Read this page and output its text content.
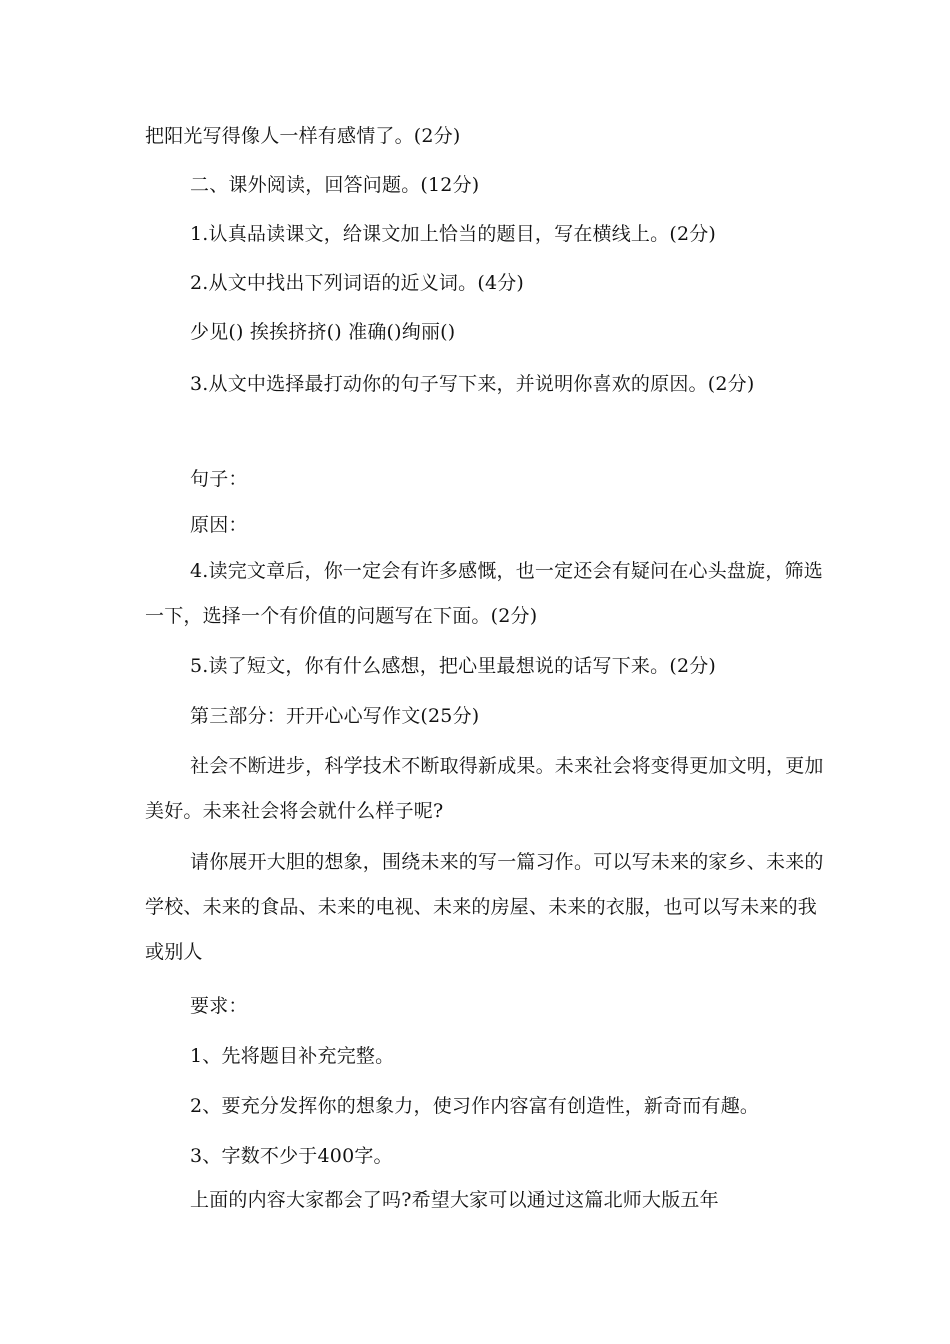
把阳光写得像人一样有感情了。(2分)
二、课外阅读，回答问题。(12分)
1.认真品读课文，给课文加上恰当的题目，写在横线上。(2分)
2.从文中找出下列词语的近义词。(4分)
少见() 挨挨挤挤() 准确()绚丽()
3.从文中选择最打动你的句子写下来，并说明你喜欢的原因。(2分)
句子：
原因：
4.读完文章后，你一定会有许多感慨，也一定还会有疑问在心头盘旋，筛选一下，选择一个有价值的问题写在下面。(2分)
5.读了短文，你有什么感想，把心里最想说的话写下来。(2分)
第三部分：开开心心写作文(25分)
社会不断进步，科学技术不断取得新成果。未来社会将变得更加文明，更加美好。未来社会将会就什么样子呢?
请你展开大胆的想象，围绕未来的写一篇习作。可以写未来的家乡、未来的学校、未来的食品、未来的电视、未来的房屋、未来的衣服，也可以写未来的我或别人
要求：
1、先将题目补充完整。
2、要充分发挥你的想象力，使习作内容富有创造性，新奇而有趣。
3、字数不少于400字。
上面的内容大家都会了吗?希望大家可以通过这篇北师大版五年
